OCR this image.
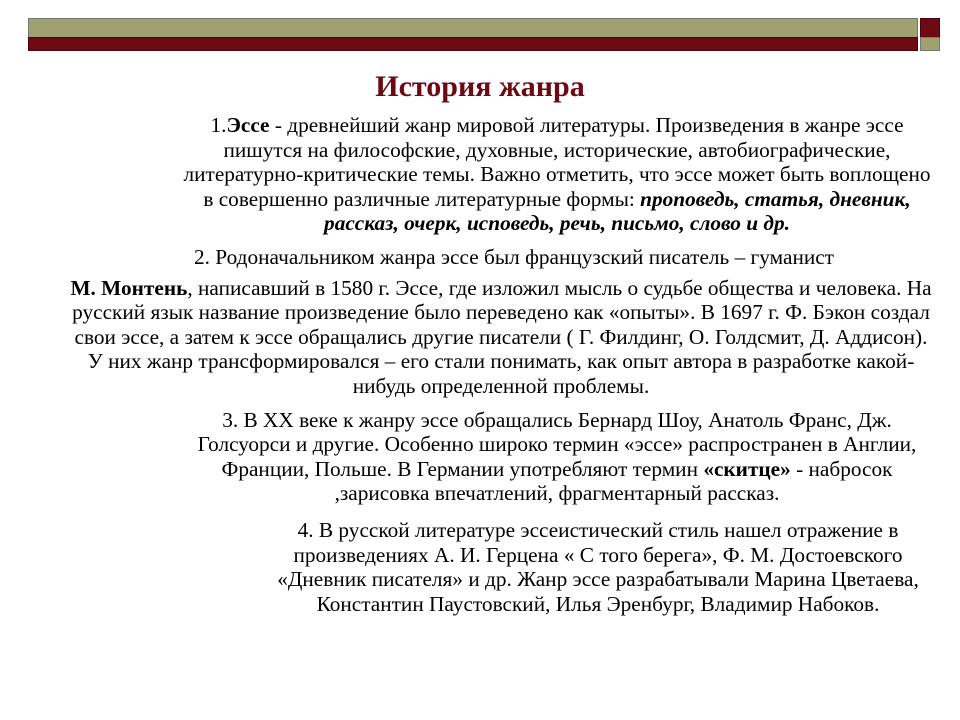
История жанра

1.Эссе - древнейший жанр мировой литературы. Произведения в жанре эссе пишутся на философские, духовные, исторические, автобиографические, литературно-критические темы. Важно отметить, что эссе может быть воплощено в совершенно различные литературные формы: проповедь, статья, дневник, рассказ, очерк, исповедь, речь, письмо, слово и др.

2. Родоначальником жанра эссе был французский писатель – гуманист

М. Монтень, написавший в 1580 г. Эссе, где изложил мысль о судьбе общества и человека. На русский язык название произведение было переведено как «опыты». В 1697 г. Ф. Бэкон создал свои эссе, а затем к эссе обращались другие писатели ( Г. Филдинг, О. Голдсмит, Д. Аддисон). У них жанр трансформировался – его стали понимать, как опыт автора в разработке какой-нибудь определенной проблемы.

3. В XX веке к жанру эссе обращались Бернард Шоу, Анатоль Франс, Дж. Голсуорси и другие. Особенно широко термин «эссе» распространен в Англии, Франции, Польше. В Германии употребляют термин «скитце» - набросок ,зарисовка впечатлений, фрагментарный рассказ.

4. В русской литературе эссеистический стиль нашел отражение в произведениях А. И. Герцена « С того берега», Ф. М. Достоевского «Дневник писателя» и др. Жанр эссе разрабатывали Марина Цветаева, Константин Паустовский, Илья Эренбург, Владимир Набоков.
